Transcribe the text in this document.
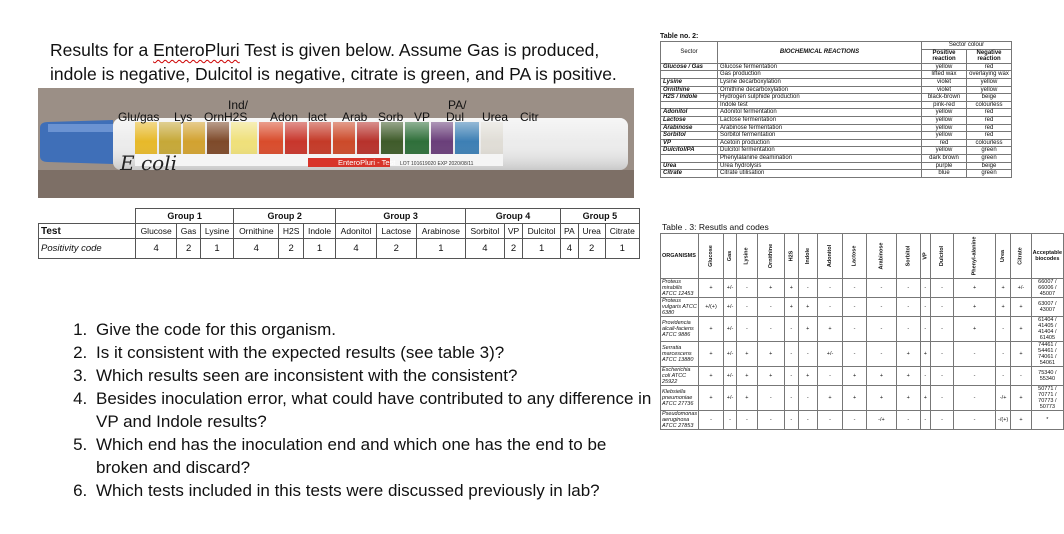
Results for a EnteroPluri Test is given below. Assume Gas is produced, indole is negative, Dulcitol is negative, citrate is green, and PA is positive.
E coli	EnteroPluri - Test LOT 101619020 EXP 2020/08/11
Glu/gas Lys Orn
Ind/
H2S Adon lact Arab Sorb VP
PA/
Dul Urea Citr
	Group 1			Group 2			Group 3			Group 4			Group 5		
Test	Glucose	Gas	Lysine	Ornithine	H2S	Indole	Adonitol	Lactose	Arabinose	Sorbitol	VP	Dulcitol	PA	Urea	Citrate
Positivity code	4	2	1	4	2	1	4	2	1	4	2	1	4	2	1
1. Give the code for this organism.
2. Is it consistent with the expected results (see table 3)?
3. Which results seen are inconsistent with the consistent?
4. Besides inoculation error, what could have contributed to any difference in VP and Indole results?
5. Which end has the inoculation end and which one has the end to be broken and discard?
6. Which tests included in this tests were discussed previously in lab?
Table no. 2:
Sector	BIOCHEMICAL REACTIONS	Sector colour	
		Positive reaction	Negative reaction
Glucose / Gas	Glucose fermentation	yellow	red
	Gas production	lifted wax	overlaying wax
Lysine	Lysine decarboxylation	violet	yellow
Ornithine	Ornithine decarboxylation	violet	yellow
H2S / Indole	Hydrogen sulphide production	black-brown	beige
	Indole test	pink-red	colourless
Adonitol	Adonitol fermentation	yellow	red
Lactose	Lactose fermentation	yellow	red
Arabinose	Arabinose fermentation	yellow	red
Sorbitol	Sorbitol fermentation	yellow	red
VP	Acetoin production	red	colourless
Dulcitol/PA	Dulcitol fermentation	yellow	green
	Phenylalanine deamination	dark brown	green
Urea	Urea hydrolysis	purple	beige
Citrate	Citrate utilisation	blue	green
Table . 3: Resutls and codes
ORGANISMS	Glucose	Gas	Lysine	Ornithine	H2S	Indole	Adonitol	Lactose	Arabinose	Sorbitol	VP	Dulcitol	Phenyl-alanine	Urea	Citrate	Acceptable biocodes
Proteus mirabilis ATCC 12453	+	+/-	-	+	+	-	-	-	-	-	-	-	+	+	+/-	66007 / 66006 / 45007
Proteus vulgaris ATCC 6380	+/(+)	+/-	-	-	+	+	-	-	-	-	-	-	+	+	+	63007 / 43007
Providencia alcali-faciens ATCC 9886	+	+/-	-	-	-	+	+	-	-	-	-	-	+	-	+	61404 / 41405 / 41404 / 61405
Serratia marcescens ATCC 13880	+	+/-	+	+	-	-	+/-	-	-	+	+	-	-	-	+	74461 / 54461 / 74061 / 54061
Escherichia coli ATCC 25922	+	+/-	+	+	-	+	-	+	+	+	-	-	-	-	-	75340 / 55340
Klebsiella pneumoniae ATCC 27736	+	+/-	+	-	-	-	+	+	+	+	+	-	-	-/+	+	50771 / 70771 / 70773 / 50773
Pseudomonas aeruginosa ATCC 27853	-	-	-	-	-	-	-	-	-/+	-	-	-	-	-/(+)	+	*
